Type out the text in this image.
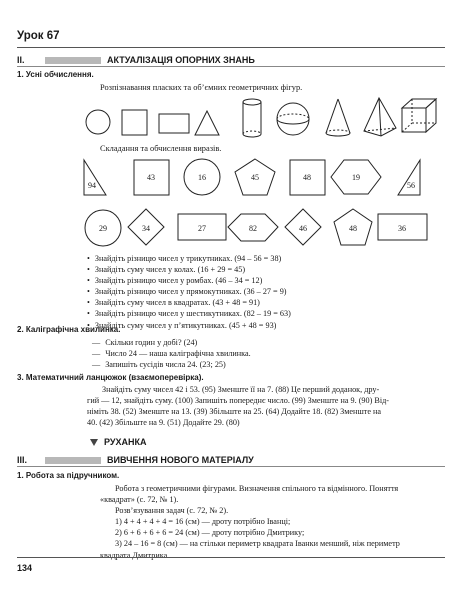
Урок 67
II.	АКТУАЛІЗАЦІЯ ОПОРНИХ ЗНАНЬ
1. Усні обчислення.
Розпізнавання пласких та об’ємних геометричних фігур.
Складання та обчислення виразів.
94
43	16	45	48	19
56
29	34	27	82	46	48	36
• Знайдіть різницю чисел у трикутниках. (94 – 56 = 38)
• Знайдіть суму чисел у колах. (16 + 29 = 45)
• Знайдіть різницю чисел у ромбах. (46 – 34 = 12)
• Знайдіть різницю чисел у прямокутниках. (36 – 27 = 9)
• Знайдіть суму чисел в квадратах. (43 + 48 = 91)
• Знайдіть різницю чисел у шестикутниках. (82 – 19 = 63)
• Знайдіть суму чисел у п’ятикутниках. (45 + 48 = 93)
2. Каліграфічна хвилинка.
— Скільки годин у добі? (24)
— Число 24 — наша каліграфічна хвилинка.
— Запишіть сусідів числа 24. (23; 25)
3. Математичний ланцюжок (взаємоперевірка).
Знайдіть суму чисел 42 і 53. (95) Зменште її на 7. (88) Це перший доданок, дру-
гий — 12, знайдіть суму. (100) Запишіть попереднє число. (99) Зменште на 9. (90) Від-
німіть 38. (52) Зменште на 13. (39) Збільште на 25. (64) Додайте 18. (82) Зменште на
40. (42) Збільште на 9. (51) Додайте 29. (80)
РУХАНКА
III.	ВИВЧЕННЯ НОВОГО МАТЕРІАЛУ
1. Робота за підручником.
Робота з геометричними фігурами. Визначення спільного та відмінного. Поняття
«квадрат» (с. 72, № 1).
Розв’язування задач (с. 72, № 2).
1) 4 + 4 + 4 + 4 = 16 (см) — дроту потрібно Іванці;
2) 6 + 6 + 6 + 6 = 24 (см) — дроту потрібно Дмитрику;
3) 24 – 16 = 8 (см) — на стільки периметр квадрата Іванки менший, ніж периметр
квадрата Дмитрика.
134
